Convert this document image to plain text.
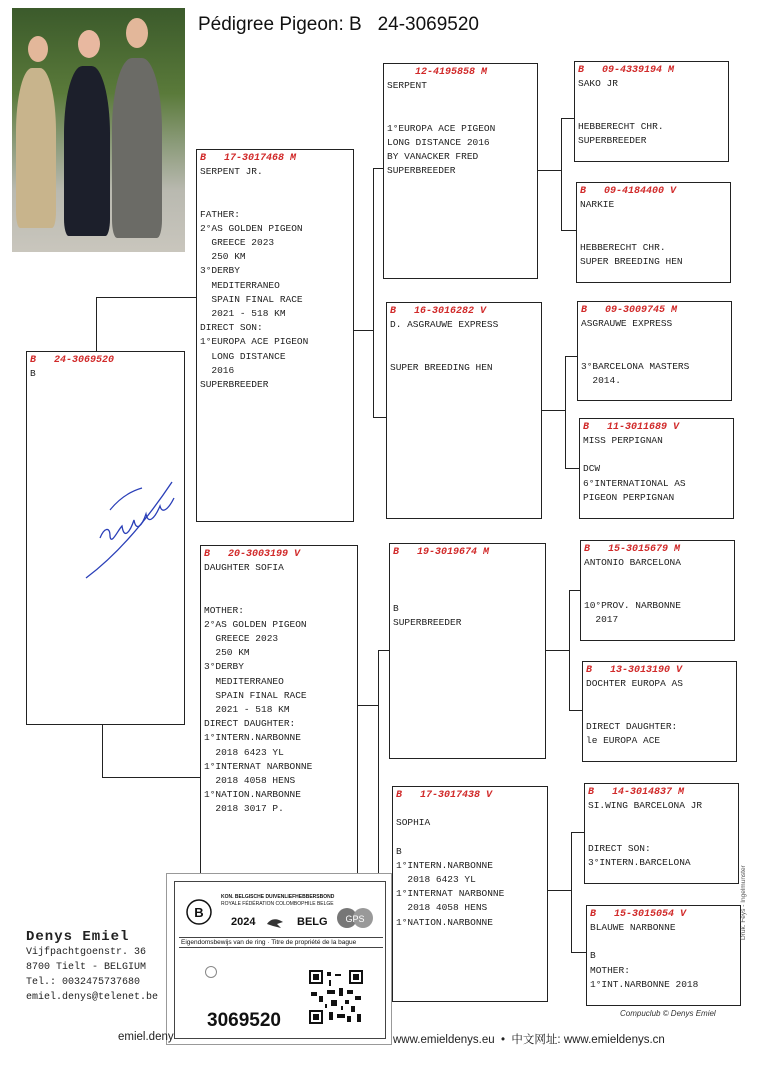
Pédigree Pigeon: B   24-3069520
B   24-3069520
B
B   17-3017468 M
SERPENT JR.
FATHER:
2°AS GOLDEN PIGEON
GREECE 2023
250 KM
3°DERBY
MEDITERRANEO
SPAIN FINAL RACE
2021 - 518 KM
DIRECT SON:
1°EUROPA ACE PIGEON
LONG DISTANCE
2016
SUPERBREEDER
B   20-3003199 V
DAUGHTER SOFIA
MOTHER:
2°AS GOLDEN PIGEON
GREECE 2023
250 KM
3°DERBY
MEDITERRANEO
SPAIN FINAL RACE
2021 - 518 KM
DIRECT DAUGHTER:
1°INTERN.NARBONNE
2018 6423 YL
1°INTERNAT NARBONNE
2018 4058 HENS
1°NATION.NARBONNE
2018 3017 P.
12-4195858 M
SERPENT
1°EUROPA ACE PIGEON
LONG DISTANCE 2016
BY VANACKER FRED
SUPERBREEDER
B   16-3016282 V
D. ASGRAUWE EXPRESS
SUPER BREEDING HEN
B   19-3019674 M
B
SUPERBREEDER
B   17-3017438 V
SOPHIA
B
1°INTERN.NARBONNE
2018 6423 YL
1°INTERNAT NARBONNE
2018 4058 HENS
1°NATION.NARBONNE
B   09-4339194 M
SAKO JR
HEBBERECHT CHR.
SUPERBREEDER
B   09-4184400 V
NARKIE
HEBBERECHT CHR.
SUPER BREEDING HEN
B   09-3009745 M
ASGRAUWE EXPRESS
3°BARCELONA MASTERS
2014.
B   11-3011689 V
MISS PERPIGNAN
DCW
6°INTERNATIONAL AS
PIGEON PERPIGNAN
B   15-3015679 M
ANTONIO BARCELONA
10°PROV. NARBONNE
2017
B   13-3013190 V
DOCHTER EUROPA AS
DIRECT DAUGHTER:
le EUROPA ACE
B   14-3014837 M
SI.WING BARCELONA JR
DIRECT SON:
3°INTERN.BARCELONA
B   15-3015054 V
BLAUWE NARBONNE
B
MOTHER:
1°INT.NARBONNE 2018
Denys Emiel
Vijfpachtgoenstr. 36
8700 Tielt - BELGIUM
Tel.: 0032475737680
emiel.denys@telenet.be
B
KON. BELGISCHE DUIVENLIEFHEBBERSBOND
ROYALE FÉDÉRATION COLOMBOPHILE BELGE
2024	BELG GPS
Eigendomsbewijs van de ring · Titre de propriété de la bague
3069520
emiel.deny	www.emieldenys.eu  •  中文网址: www.emieldenys.cn
Compuclub © Denys Emiel
Druk. Feys - Ingelmunster
